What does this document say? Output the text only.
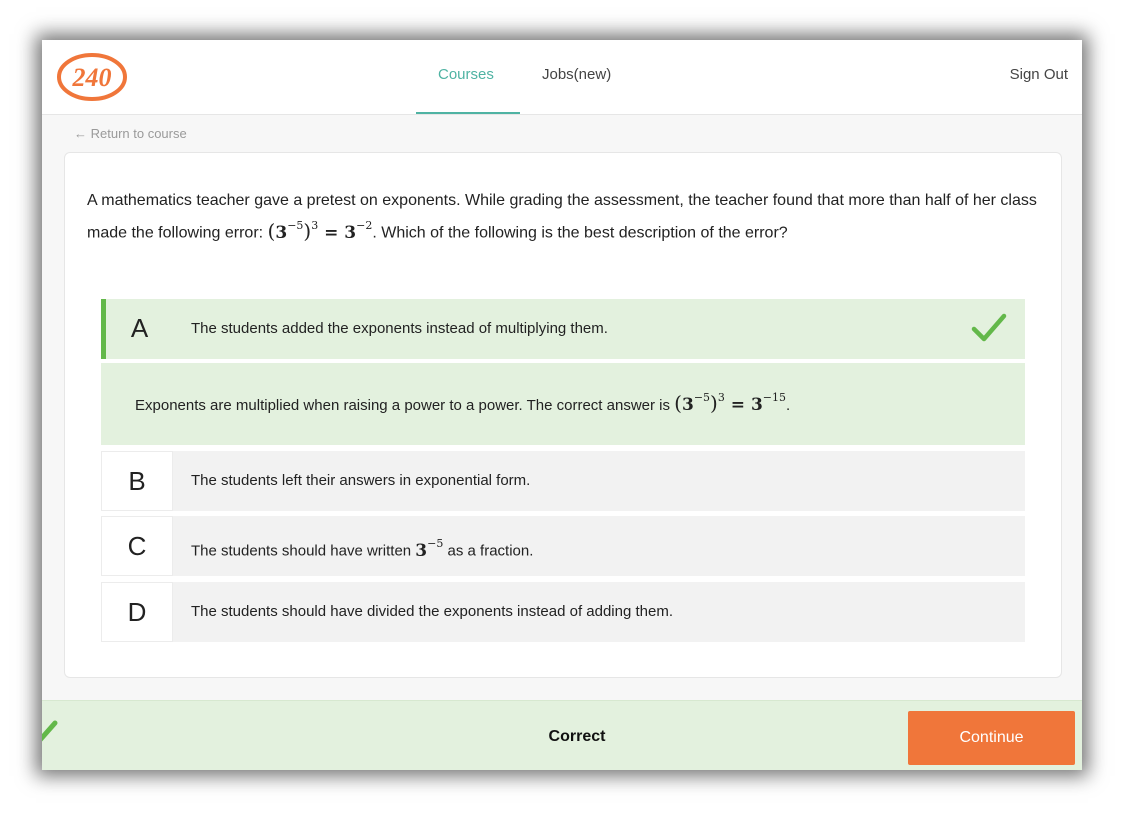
240	Courses	Jobs(new)	Sign Out
← Return to course
A mathematics teacher gave a pretest on exponents. While grading the assessment, the teacher found that more than half of her class made the following error: $(3^{-5})^3 = 3^{-2}$. Which of the following is the best description of the error?
A	The students added the exponents instead of multiplying them.
Exponents are multiplied when raising a power to a power. The correct answer is $(3^{-5})^3 = 3^{-15}$.
B	The students left their answers in exponential form.
C	The students should have written $3^{-5}$ as a fraction.
D	The students should have divided the exponents instead of adding them.
Correct	Continue
